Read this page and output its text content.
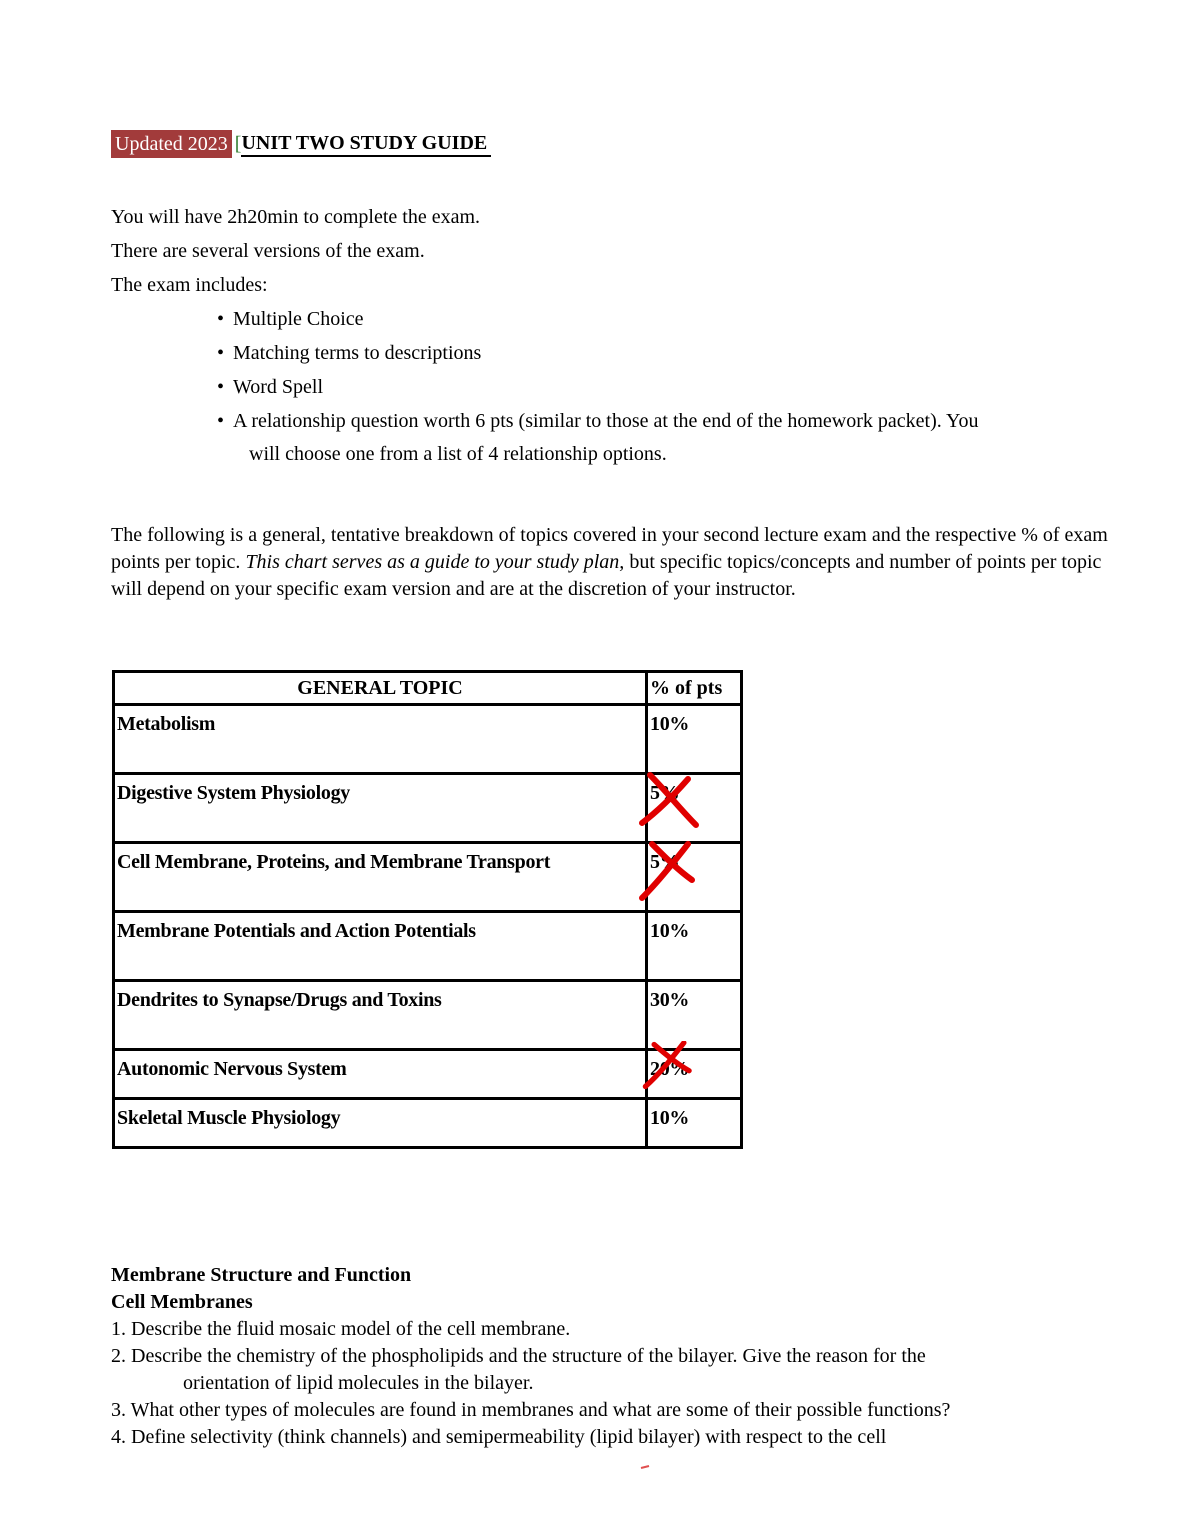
Updated 2023 [ UNIT TWO STUDY GUIDE

You will have 2h20min to complete the exam.

There are several versions of the exam.

The exam includes:

• Multiple Choice
• Matching terms to descriptions
• Word Spell
• A relationship question worth 6 pts (similar to those at the end of the homework packet). You
will choose one from a list of 4 relationship options.

The following is a general, tentative breakdown of topics covered in your second lecture exam and the respective % of exam points per topic. This chart serves as a guide to your study plan, but specific topics/concepts and number of points per topic will depend on your specific exam version and are at the discretion of your instructor.

GENERAL TOPIC	% of pts
Metabolism	10%
Digestive System Physiology	5%

Cell Membrane, Proteins, and Membrane Transport	5%

Membrane Potentials and Action Potentials	10%
Dendrites to Synapse/Drugs and Toxins	30%
Autonomic Nervous System	20%

Skeletal Muscle Physiology	10%

Membrane Structure and Function

Cell Membranes

1. Describe the fluid mosaic model of the cell membrane.
2. Describe the chemistry of the phospholipids and the structure of the bilayer. Give the reason for the
orientation of lipid molecules in the bilayer.
3. What other types of molecules are found in membranes and what are some of their possible functions?
4. Define selectivity (think channels) and semipermeability (lipid bilayer) with respect to the cell
